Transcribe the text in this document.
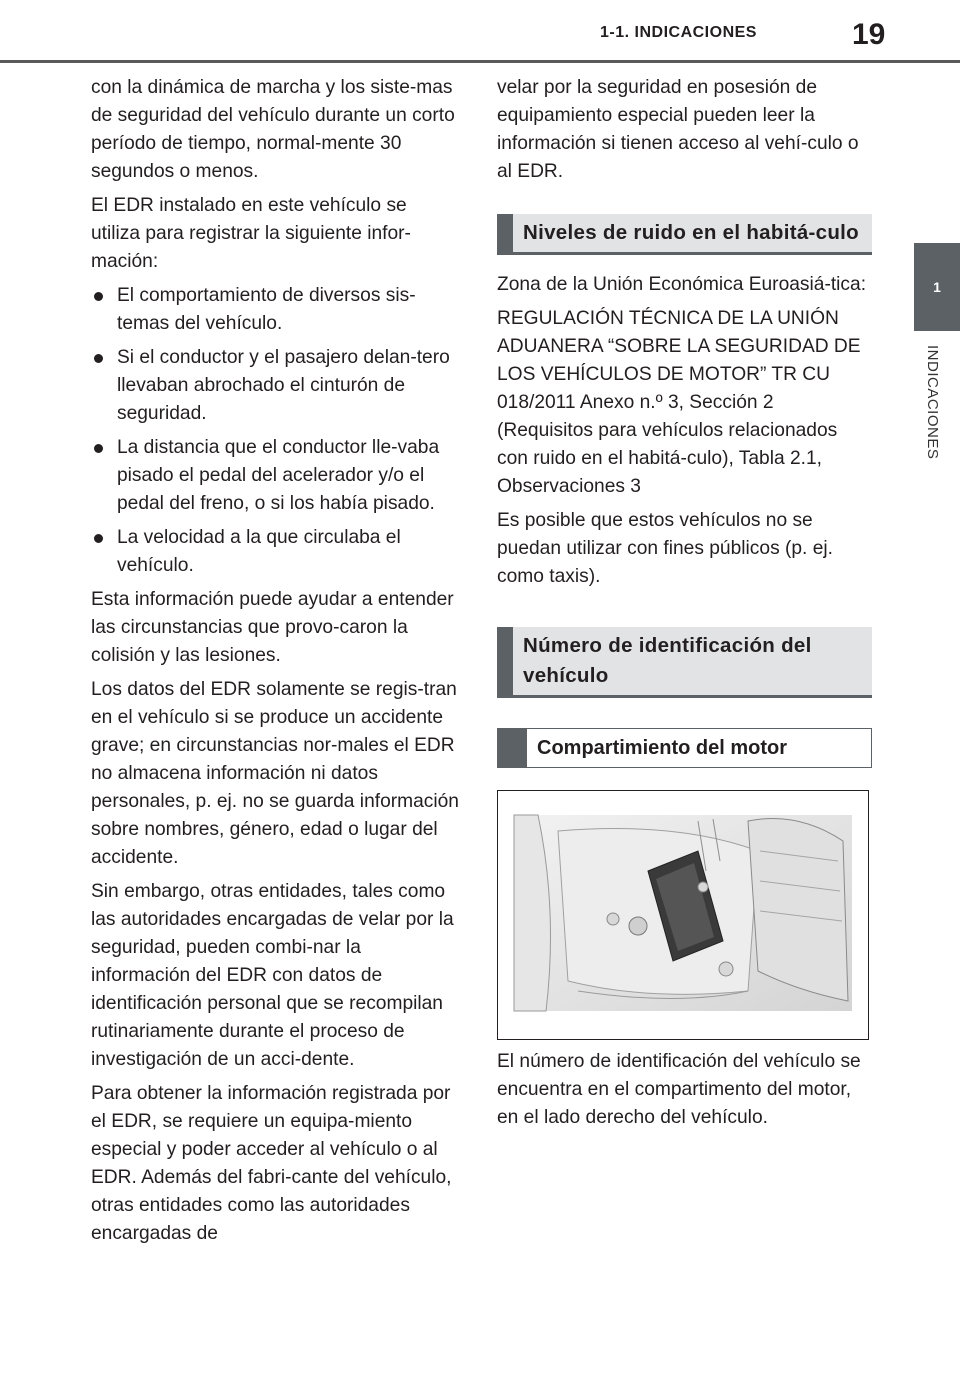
1-1. INDICACIONES	19
1
INDICACIONES

con la dinámica de marcha y los siste-mas de seguridad del vehículo durante un corto período de tiempo, normal-mente 30 segundos o menos.

El EDR instalado en este vehículo se utiliza para registrar la siguiente infor-mación:

El comportamiento de diversos sis-temas del vehículo.
Si el conductor y el pasajero delan-tero llevaban abrochado el cinturón de seguridad.
La distancia que el conductor lle-vaba pisado el pedal del acelerador y/o el pedal del freno, o si los había pisado.
La velocidad a la que circulaba el vehículo.

Esta información puede ayudar a entender las circunstancias que provo-caron la colisión y las lesiones.

Los datos del EDR solamente se regis-tran en el vehículo si se produce un accidente grave; en circunstancias nor-males el EDR no almacena información ni datos personales, p. ej. no se guarda información sobre nombres, género, edad o lugar del accidente.

Sin embargo, otras entidades, tales como las autoridades encargadas de velar por la seguridad, pueden combi-nar la información del EDR con datos de identificación personal que se recompilan rutinariamente durante el proceso de investigación de un acci-dente.

Para obtener la información registrada por el EDR, se requiere un equipa-miento especial y poder acceder al vehículo o al EDR. Además del fabri-cante del vehículo, otras entidades como las autoridades encargadas de

velar por la seguridad en posesión de equipamiento especial pueden leer la información si tienen acceso al vehí-culo o al EDR.

Niveles de ruido en el habitá-culo

Zona de la Unión Económica Euroasiá-tica:

REGULACIÓN TÉCNICA DE LA UNIÓN ADUANERA “SOBRE LA SEGURIDAD DE LOS VEHÍCULOS DE MOTOR” TR CU 018/2011 Anexo n.º 3, Sección 2 (Requisitos para vehículos relacionados con ruido en el habitá-culo), Tabla 2.1, Observaciones 3

Es posible que estos vehículos no se puedan utilizar con fines públicos (p. ej. como taxis).

Número de identificación del vehículo
Compartimiento del motor

El número de identificación del vehículo se encuentra en el compartimento del motor, en el lado derecho del vehículo.
